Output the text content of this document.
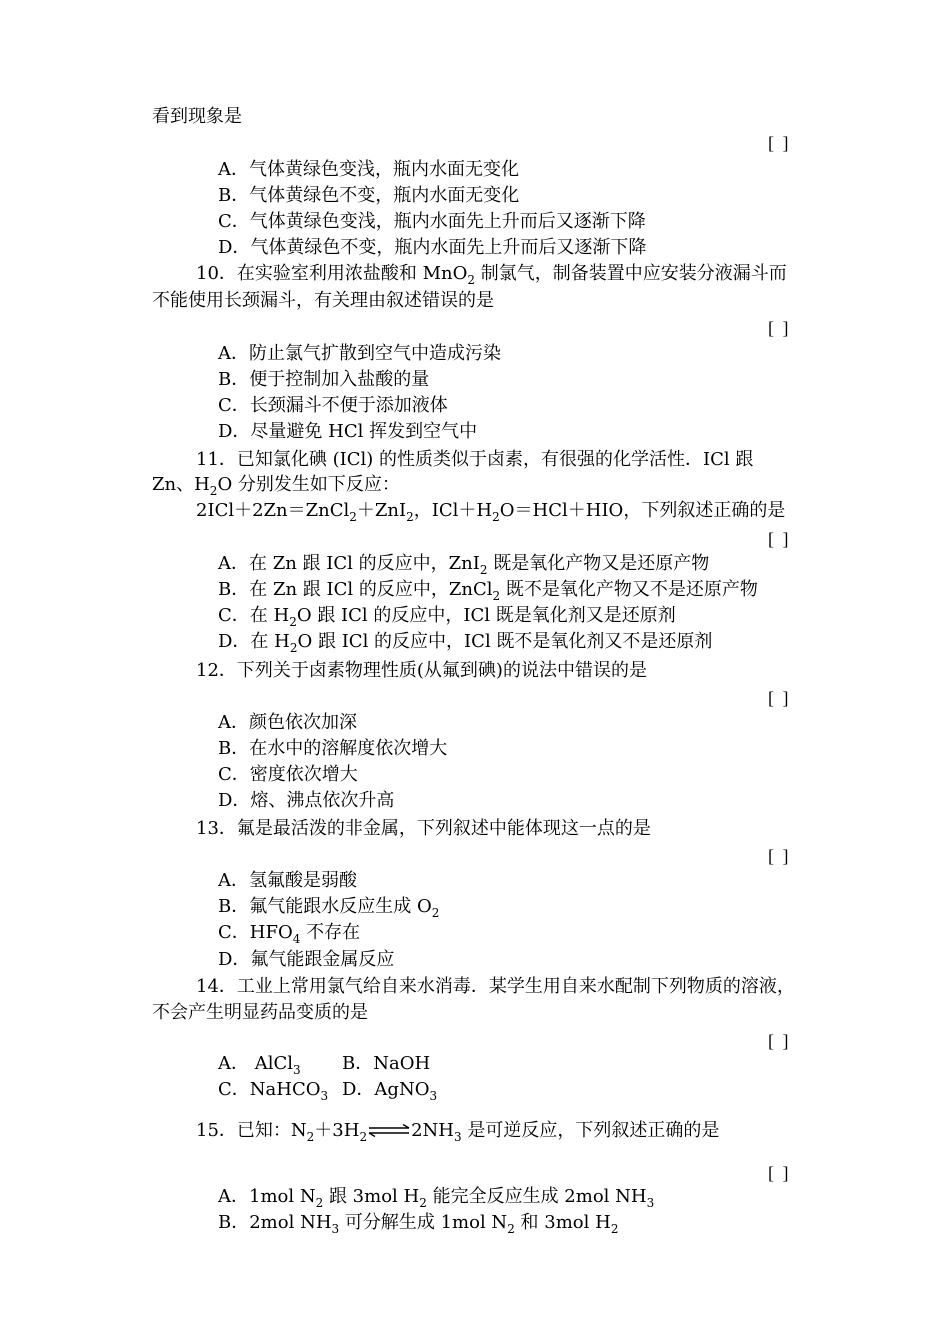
看到现象是
[ ]
A．气体黄绿色变浅，瓶内水面无变化
B．气体黄绿色不变，瓶内水面无变化
C．气体黄绿色变浅，瓶内水面先上升而后又逐渐下降
D．气体黄绿色不变，瓶内水面先上升而后又逐渐下降
10．在实验室利用浓盐酸和 MnO$_2$ 制氯气，制备装置中应安装分液漏斗而
不能使用长颈漏斗，有关理由叙述错误的是
[ ]
A．防止氯气扩散到空气中造成污染
B．便于控制加入盐酸的量
C．长颈漏斗不便于添加液体
D．尽量避免 HCl 挥发到空气中
11．已知氯化碘 (ICl) 的性质类似于卤素，有很强的化学活性．ICl 跟
Zn、$H_2O$ 分别发生如下反应：
2ICl＋2Zn＝ZnCl$_2$＋ZnI$_2$，$ICl+H_2O=HCl+HIO$，下列叙述正确的是
[ ]
A．在 Zn 跟 ICl 的反应中，ZnI$_2$ 既是氧化产物又是还原产物
B．在 Zn 跟 ICl 的反应中，ZnCl$_2$ 既不是氧化产物又不是还原产物
C．在 $H_2O$ 跟 ICl 的反应中，ICl 既是氧化剂又是还原剂
D．在 $H_2O$ 跟 ICl 的反应中，ICl 既不是氧化剂又不是还原剂
12．下列关于卤素物理性质(从氟到碘)的说法中错误的是
[ ]
A．颜色依次加深
B．在水中的溶解度依次增大
C．密度依次增大
D．熔、沸点依次升高
13．氟是最活泼的非金属，下列叙述中能体现这一点的是
[ ]
A．氢氟酸是弱酸
B．氟气能跟水反应生成 $O_2$
C．$HFO_4$ 不存在
D．氟气能跟金属反应
14．工业上常用氯气给自来水消毒．某学生用自来水配制下列物质的溶液，
不会产生明显药品变质的是
[ ]
A． AlCl$_3$ B．NaOH
C．NaHCO$_3$ D．AgNO$_3$
15．已知：$N_2+3H_2\rightleftharpoons 2NH_3$ 是可逆反应，下列叙述正确的是
[ ]
A．1mol $N_2$ 跟 3mol $H_2$ 能完全反应生成 2mol $NH_3$
B．2mol $NH_3$ 可分解生成 1mol $N_2$ 和 3mol $H_2$
